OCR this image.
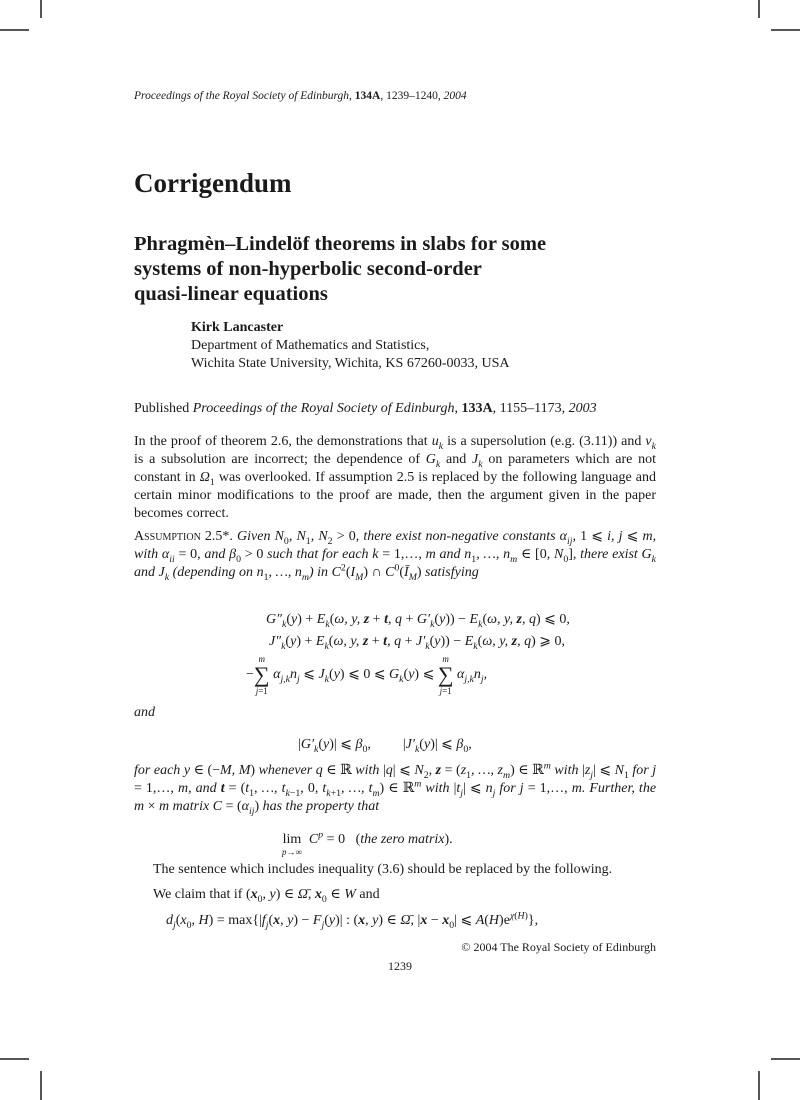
Proceedings of the Royal Society of Edinburgh, 134A, 1239–1240, 2004
Corrigendum
Phragmèn–Lindelöf theorems in slabs for some
systems of non-hyperbolic second-order
quasi-linear equations
Kirk Lancaster
Department of Mathematics and Statistics,
Wichita State University, Wichita, KS 67260-0033, USA
Published Proceedings of the Royal Society of Edinburgh, 133A, 1155–1173, 2003
In the proof of theorem 2.6, the demonstrations that $u_k$ is a supersolution (e.g. (3.11)) and $v_k$ is a subsolution are incorrect; the dependence of $G_k$ and $J_k$ on parameters which are not constant in $\Omega_1$ was overlooked. If assumption 2.5 is replaced by the following language and certain minor modifications to the proof are made, then the argument given in the paper becomes correct.
Assumption 2.5*. Given $N_0$, $N_1$, $N_2 > 0$, there exist non-negative constants $\alpha_{ij}$, 1 ⩽ i, j ⩽ m, with $\alpha_{ii} = 0$, and $\beta_0 > 0$ such that for each k = 1,…, m and $n_1$, …, $n_m$ ∈ [0, $N_0$], there exist $G_k$ and $J_k$ (depending on $n_1$, …, $n_m$) in $C^2(I_M)$ ∩ $C^0(Ī_M)$ satisfying
$G''_k(y) + E_k(\omega$, y, z + t, $q + G'_k(y)) - E_k(\omega$, y, z, q) ⩽ 0,
$J''_k(y) + E_k(\omega$, y, z + t, $q + J'_k(y)) - E_k(\omega$, y, z, q) ⩾ 0,
−
m
∑
j=1
$\alpha_{j,k}n_j$ ⩽ $J_k(y)$ ⩽ 0 ⩽ $G_k(y)$ ⩽
m
∑
j=1
$\alpha_{j,k}n_j$,
and
$|G'_k(y)|$ ⩽ $\beta_0$, $|J'_k(y)|$ ⩽ $\beta_0$,
for each y ∈ (−M, M) whenever q ∈ ℝ with |q| ⩽ $N_2$, $z = (z_1$, …, $z_m$) ∈ ℝ$^m$ with $|z_j|$ ⩽ $N_1$ for j = 1,…, m, and $t = (t_1$, …, $t_{k-1}$, 0, $t_{k+1}$, …, $t_m$) ∈ ℝ$^m$ with $|t_j|$ ⩽ $n_j$ for j = 1,…, m. Further, the m × m matrix $C = (\alpha_{ij})$ has the property that
lim
p→∞
$C^p = 0$ (the zero matrix).
The sentence which includes inequality (3.6) should be replaced by the following.
We claim that if ($x_0$, y) ∈ Ω̄, $x_0$ ∈ W and
$d_j(x_0$, $H) = \max\{|f_j(x$, $y) - F_j(y)|$ : (x, y) ∈ Ω̄, $|x - x_0|$ ⩽ $A(H)e^{\chi(H)}$},
© 2004 The Royal Society of Edinburgh
1239
